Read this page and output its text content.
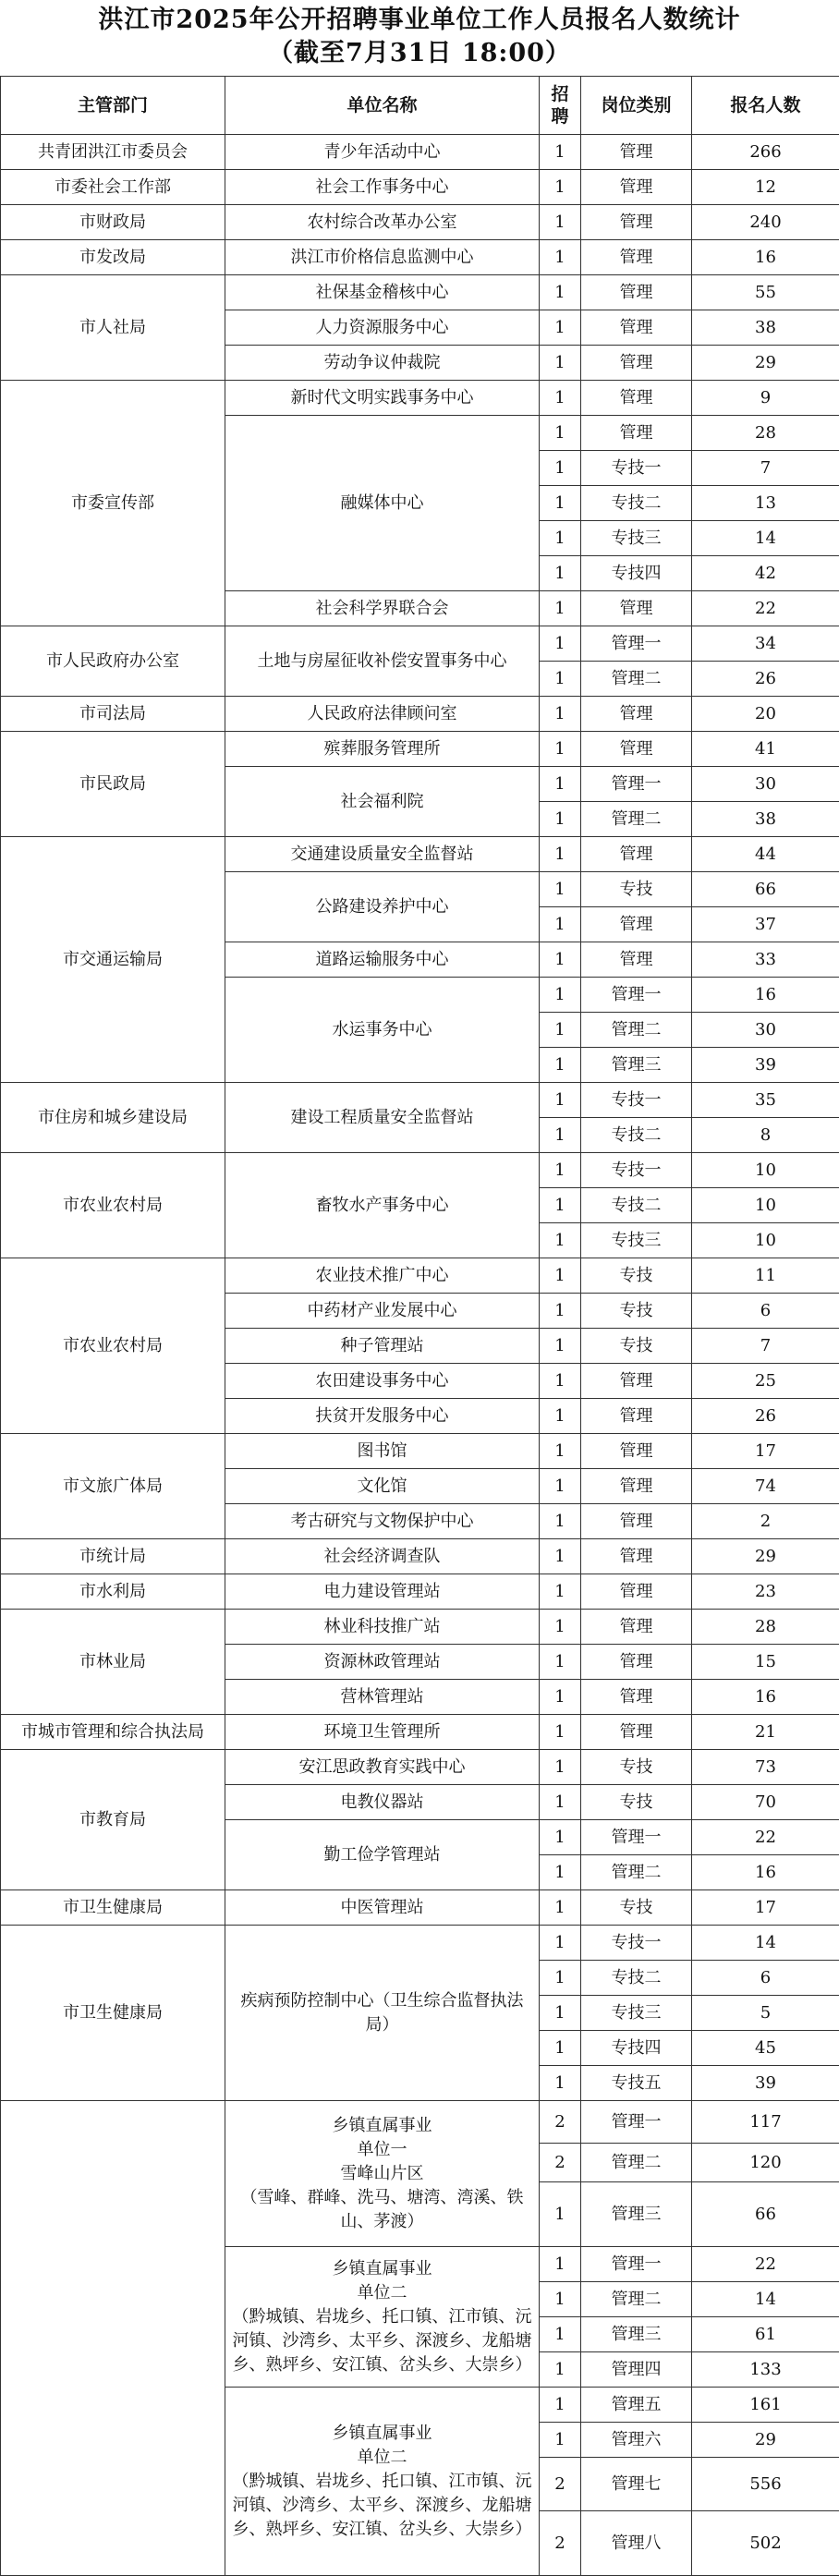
洪江市2025年公开招聘事业单位工作人员报名人数统计
（截至7月31日 18:00）
主管部门	单位名称	招聘	岗位类别	报名人数
共青团洪江市委员会	青少年活动中心	1	管理	266
市委社会工作部	社会工作事务中心	1	管理	12
市财政局	农村综合改革办公室	1	管理	240
市发改局	洪江市价格信息监测中心	1	管理	16
市人社局	社保基金稽核中心	1	管理	55
	人力资源服务中心	1	管理	38
	劳动争议仲裁院	1	管理	29
市委宣传部	新时代文明实践事务中心	1	管理	9
	融媒体中心	1	管理	28
		1	专技一	7
		1	专技二	13
		1	专技三	14
		1	专技四	42
	社会科学界联合会	1	管理	22
市人民政府办公室	土地与房屋征收补偿安置事务中心	1	管理一	34
		1	管理二	26
市司法局	人民政府法律顾问室	1	管理	20
市民政局	殡葬服务管理所	1	管理	41
	社会福利院	1	管理一	30
		1	管理二	38
市交通运输局	交通建设质量安全监督站	1	管理	44
	公路建设养护中心	1	专技	66
		1	管理	37
	道路运输服务中心	1	管理	33
	水运事务中心	1	管理一	16
		1	管理二	30
		1	管理三	39
市住房和城乡建设局	建设工程质量安全监督站	1	专技一	35
		1	专技二	8
市农业农村局	畜牧水产事务中心	1	专技一	10
		1	专技二	10
		1	专技三	10
市农业农村局	农业技术推广中心	1	专技	11
	中药材产业发展中心	1	专技	6
	种子管理站	1	专技	7
	农田建设事务中心	1	管理	25
	扶贫开发服务中心	1	管理	26
市文旅广体局	图书馆	1	管理	17
	文化馆	1	管理	74
	考古研究与文物保护中心	1	管理	2
市统计局	社会经济调查队	1	管理	29
市水利局	电力建设管理站	1	管理	23
市林业局	林业科技推广站	1	管理	28
	资源林政管理站	1	管理	15
	营林管理站	1	管理	16
市城市管理和综合执法局	环境卫生管理所	1	管理	21
市教育局	安江思政教育实践中心	1	专技	73
	电教仪器站	1	专技	70
	勤工俭学管理站	1	管理一	22
		1	管理二	16
市卫生健康局	中医管理站	1	专技	17
市卫生健康局	疾病预防控制中心（卫生综合监督执法局）	1	专技一	14
		1	专技二	6
		1	专技三	5
		1	专技四	45
		1	专技五	39
	乡镇直属事业
单位一
雪峰山片区
（雪峰、群峰、洗马、塘湾、湾溪、铁山、茅渡）	2	管理一	117
		2	管理二	120
		1	管理三	66
	乡镇直属事业
单位二
（黔城镇、岩垅乡、托口镇、江市镇、沅河镇、沙湾乡、太平乡、深渡乡、龙船塘乡、熟坪乡、安江镇、岔头乡、大崇乡）	1	管理一	22
		1	管理二	14
		1	管理三	61
		1	管理四	133
	乡镇直属事业
单位二
（黔城镇、岩垅乡、托口镇、江市镇、沅河镇、沙湾乡、太平乡、深渡乡、龙船塘乡、熟坪乡、安江镇、岔头乡、大崇乡）	1	管理五	161
		1	管理六	29
		2	管理七	556
		2	管理八	502
